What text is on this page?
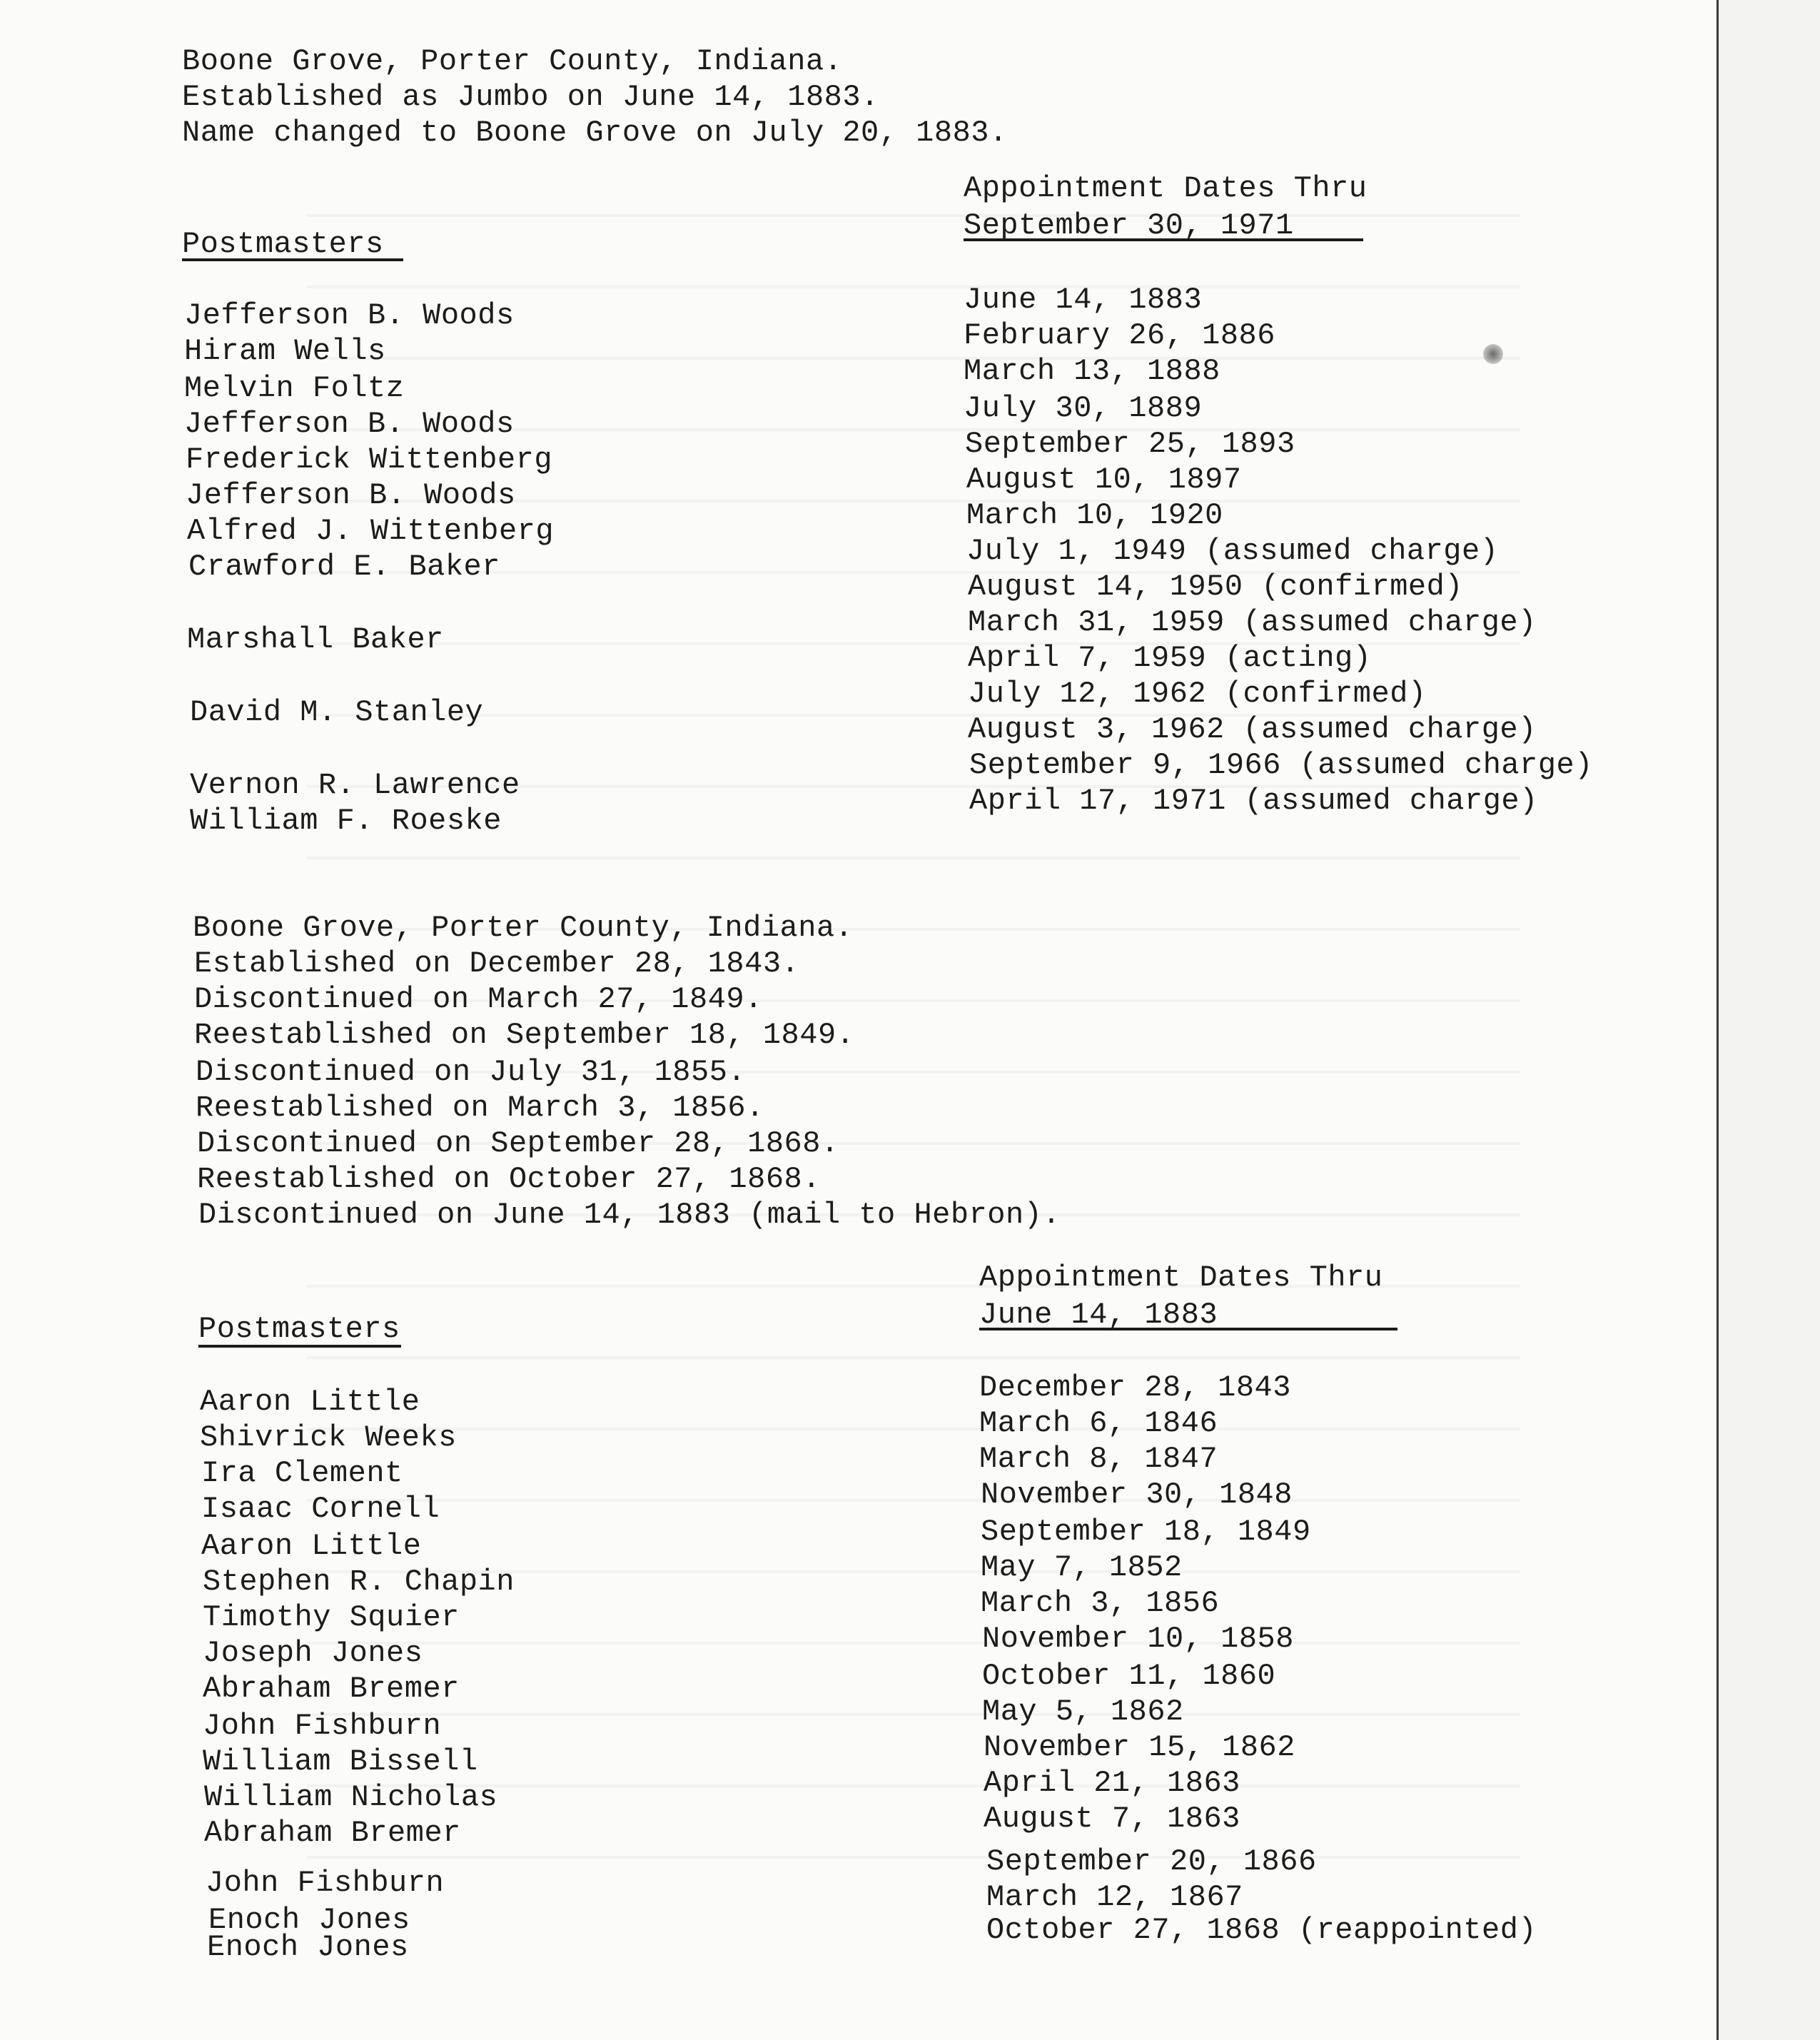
Boone Grove, Porter County, Indiana.
Established as Jumbo on June 14, 1883.
Name changed to Boone Grove on July 20, 1883.
Appointment Dates Thru
September 30, 1971
Postmasters
Jefferson B. Woods
Hiram Wells
Melvin Foltz
Jefferson B. Woods
Frederick Wittenberg
Jefferson B. Woods
Alfred J. Wittenberg
Crawford E. Baker
Marshall Baker
David M. Stanley
Vernon R. Lawrence
William F. Roeske
June 14, 1883
February 26, 1886
March 13, 1888
July 30, 1889
September 25, 1893
August 10, 1897
March 10, 1920
July 1, 1949 (assumed charge)
August 14, 1950 (confirmed)
March 31, 1959 (assumed charge)
April 7, 1959 (acting)
July 12, 1962 (confirmed)
August 3, 1962 (assumed charge)
September 9, 1966 (assumed charge)
April 17, 1971 (assumed charge)
Boone Grove, Porter County, Indiana.
Established on December 28, 1843.
Discontinued on March 27, 1849.
Reestablished on September 18, 1849.
Discontinued on July 31, 1855.
Reestablished on March 3, 1856.
Discontinued on September 28, 1868.
Reestablished on October 27, 1868.
Discontinued on June 14, 1883 (mail to Hebron).
Appointment Dates Thru
June 14, 1883
Postmasters
Aaron Little
Shivrick Weeks
Ira Clement
Isaac Cornell
Aaron Little
Stephen R. Chapin
Timothy Squier
Joseph Jones
Abraham Bremer
John Fishburn
William Bissell
William Nicholas
Abraham Bremer
John Fishburn
Enoch Jones
Enoch Jones
December 28, 1843
March 6, 1846
March 8, 1847
November 30, 1848
September 18, 1849
May 7, 1852
March 3, 1856
November 10, 1858
October 11, 1860
May 5, 1862
November 15, 1862
April 21, 1863
August 7, 1863
September 20, 1866
March 12, 1867
October 27, 1868 (reappointed)
